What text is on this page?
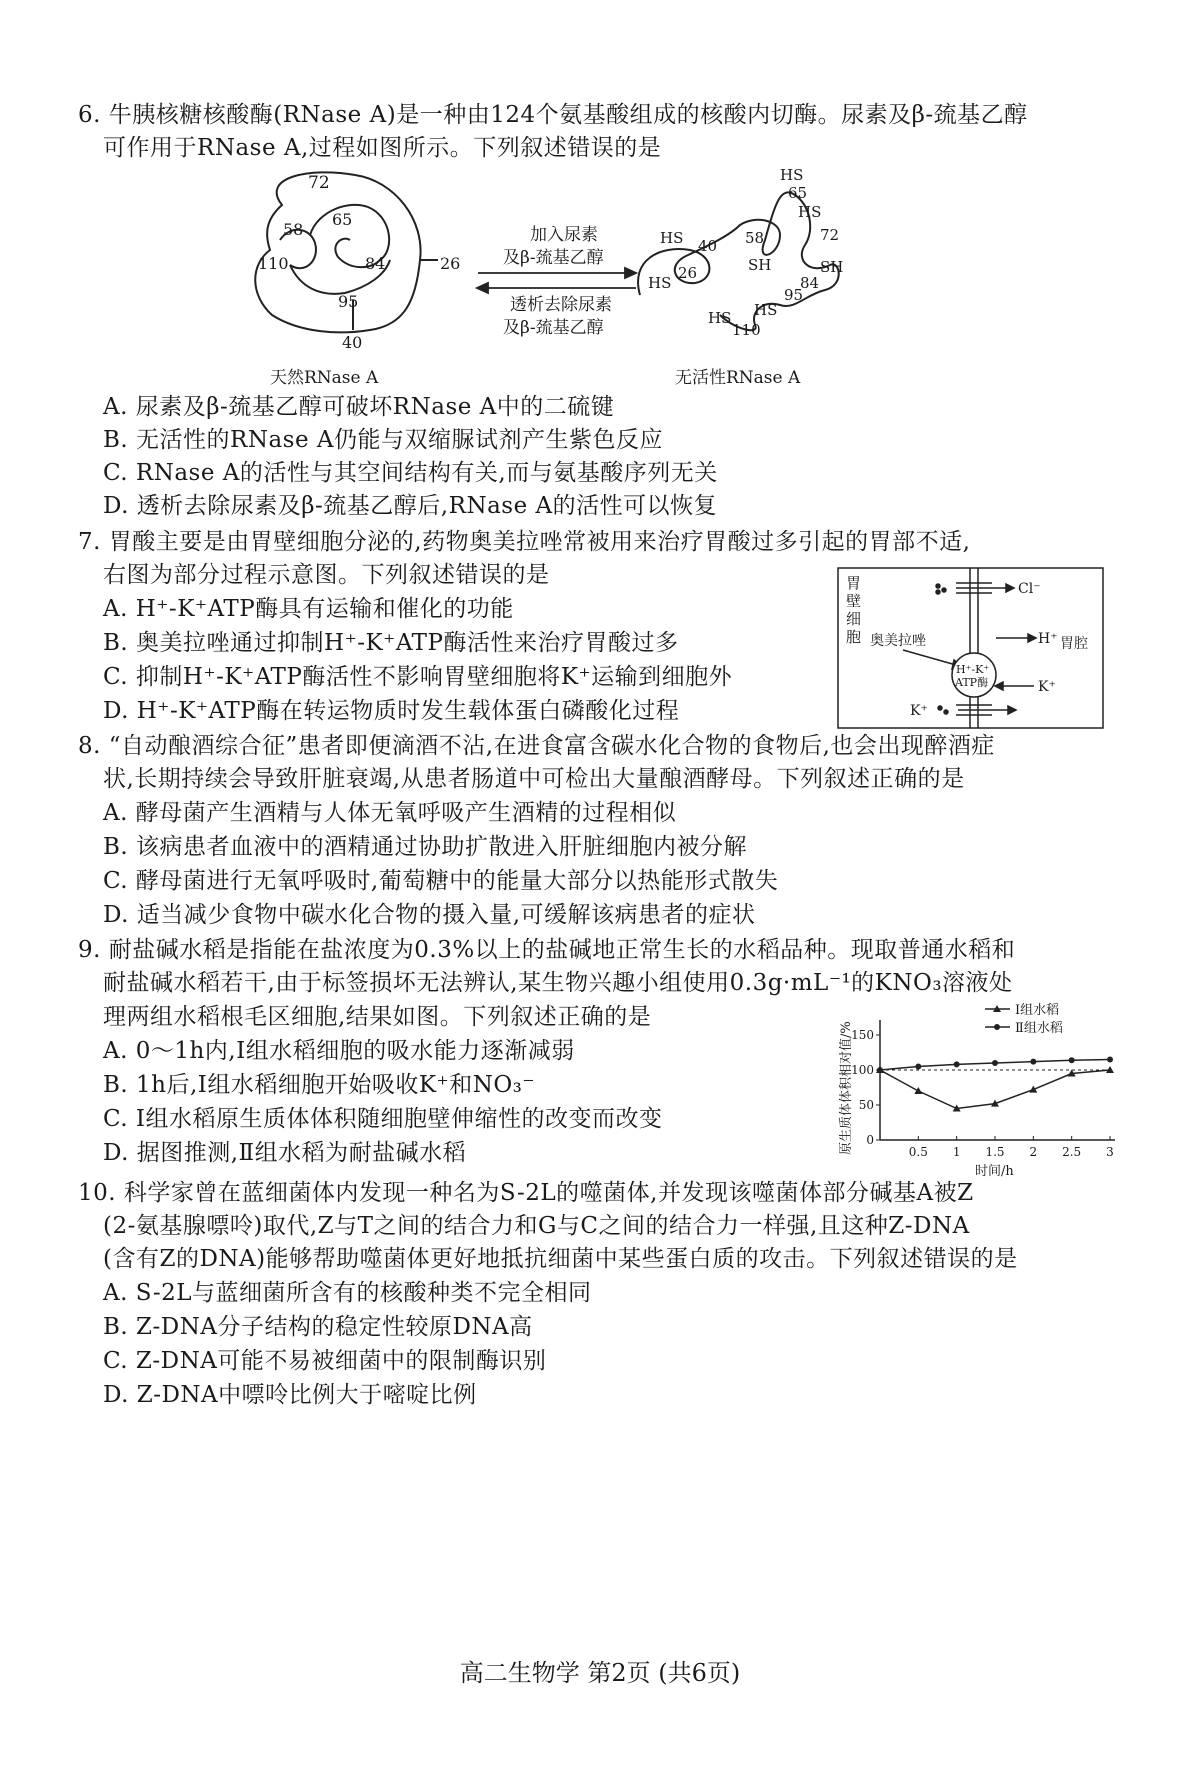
6. 牛胰核糖核酸酶(RNase A)是一种由124个氨基酸组成的核酸内切酶。尿素及β-巯基乙醇
可作用于RNase A,过程如图所示。下列叙述错误的是
72
65
58
110	84	26
95
40
天然RNase A
加入尿素
及β-巯基乙醇
透析去除尿素
及β-巯基乙醇
HS
65
HS
72
HS 40 58
SH
HS
26	SH
84
95
HS
HS
110
无活性RNase A
A. 尿素及β-巯基乙醇可破坏RNase A中的二硫键
B. 无活性的RNase A仍能与双缩脲试剂产生紫色反应
C. RNase A的活性与其空间结构有关,而与氨基酸序列无关
D. 透析去除尿素及β-巯基乙醇后,RNase A的活性可以恢复
7. 胃酸主要是由胃壁细胞分泌的,药物奥美拉唑常被用来治疗胃酸过多引起的胃部不适,
右图为部分过程示意图。下列叙述错误的是
A. H⁺-K⁺ATP酶具有运输和催化的功能
B. 奥美拉唑通过抑制H⁺-K⁺ATP酶活性来治疗胃酸过多
C. 抑制H⁺-K⁺ATP酶活性不影响胃壁细胞将K⁺运输到细胞外
D. H⁺-K⁺ATP酶在转运物质时发生载体蛋白磷酸化过程
胃
壁
细
胞
Cl⁻
奥美拉唑
H⁺-K⁺
ATP酶
H⁺ 胃腔
K⁺
K⁺
8. “自动酿酒综合征”患者即便滴酒不沾,在进食富含碳水化合物的食物后,也会出现醉酒症
状,长期持续会导致肝脏衰竭,从患者肠道中可检出大量酿酒酵母。下列叙述正确的是
A. 酵母菌产生酒精与人体无氧呼吸产生酒精的过程相似
B. 该病患者血液中的酒精通过协助扩散进入肝脏细胞内被分解
C. 酵母菌进行无氧呼吸时,葡萄糖中的能量大部分以热能形式散失
D. 适当减少食物中碳水化合物的摄入量,可缓解该病患者的症状
9. 耐盐碱水稻是指能在盐浓度为0.3%以上的盐碱地正常生长的水稻品种。现取普通水稻和
耐盐碱水稻若干,由于标签损坏无法辨认,某生物兴趣小组使用0.3g·mL⁻¹的KNO₃溶液处
理两组水稻根毛区细胞,结果如图。下列叙述正确的是
A. 0～1h内,Ⅰ组水稻细胞的吸水能力逐渐减弱
B. 1h后,Ⅰ组水稻细胞开始吸收K⁺和NO₃⁻
C. Ⅰ组水稻原生质体体积随细胞壁伸缩性的改变而改变
D. 据图推测,Ⅱ组水稻为耐盐碱水稻	原生质体体积相对值/%
时间/h
0
50
100
150
0.5 1 1.5 2 2.5 3
Ⅰ组水稻
Ⅱ组水稻
10. 科学家曾在蓝细菌体内发现一种名为S-2L的噬菌体,并发现该噬菌体部分碱基A被Z
(2-氨基腺嘌呤)取代,Z与T之间的结合力和G与C之间的结合力一样强,且这种Z-DNA
(含有Z的DNA)能够帮助噬菌体更好地抵抗细菌中某些蛋白质的攻击。下列叙述错误的是
A. S-2L与蓝细菌所含有的核酸种类不完全相同
B. Z-DNA分子结构的稳定性较原DNA高
C. Z-DNA可能不易被细菌中的限制酶识别
D. Z-DNA中嘌呤比例大于嘧啶比例
高二生物学 第2页 (共6页)
